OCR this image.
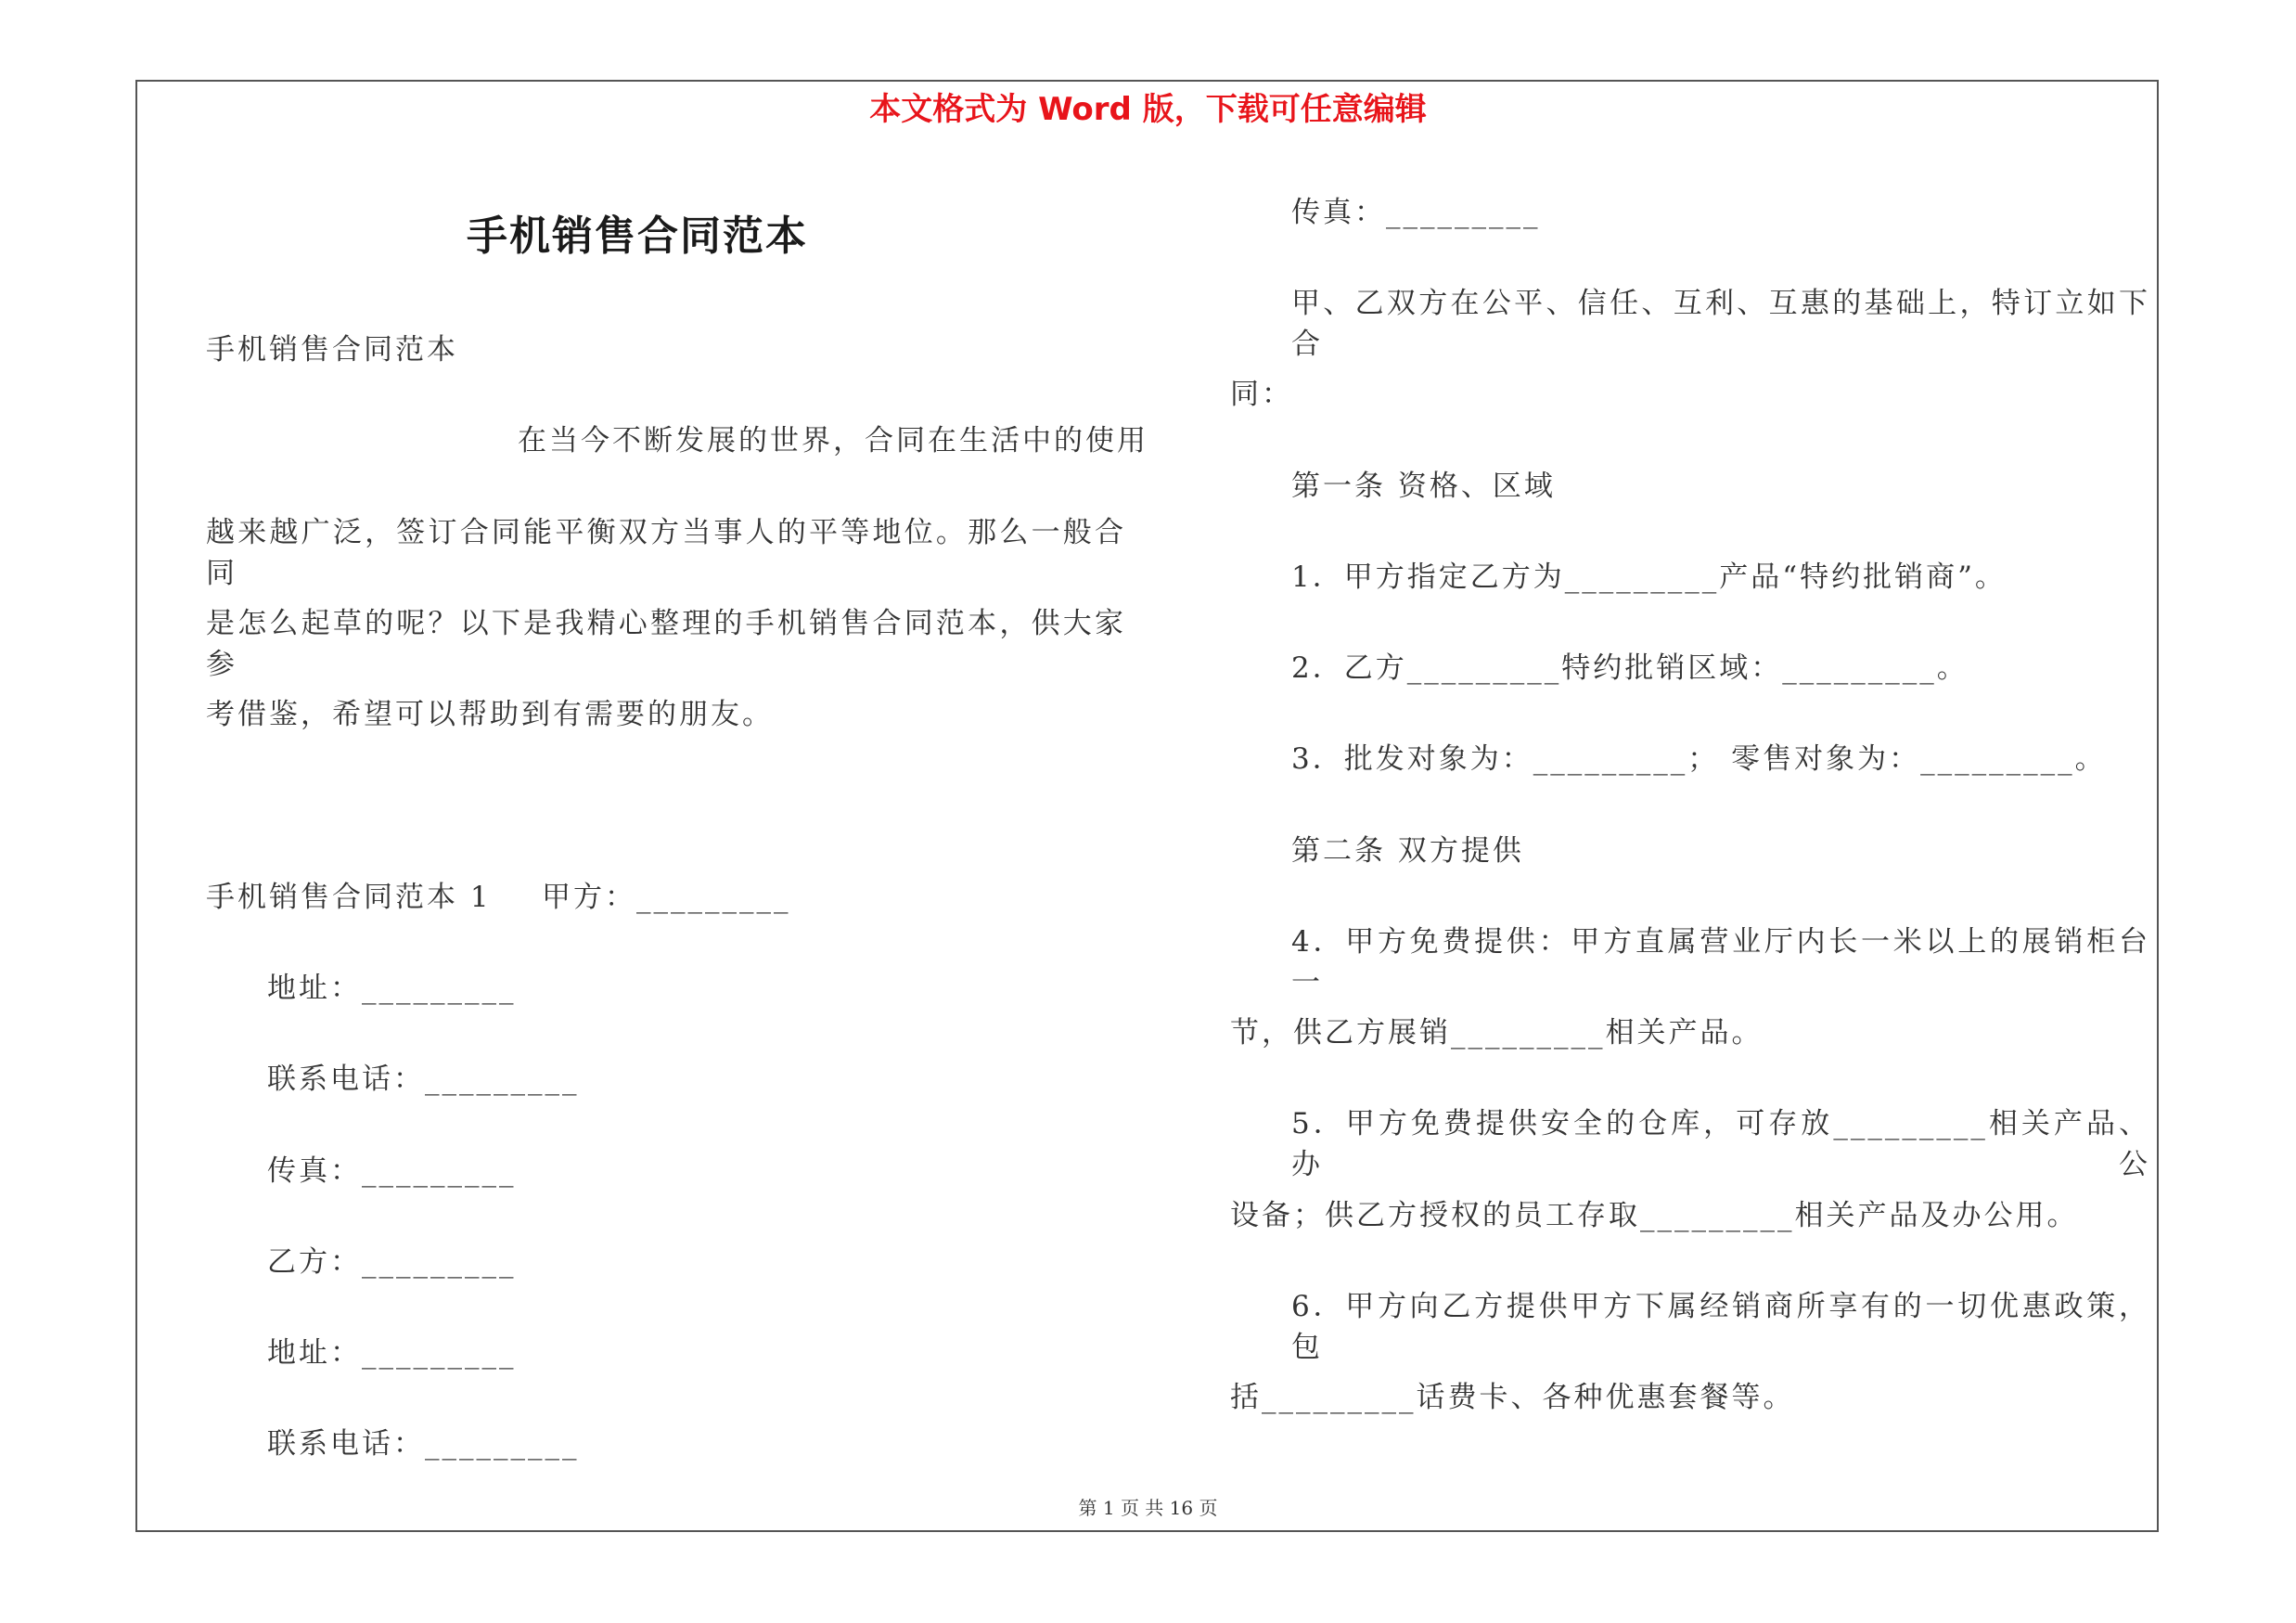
本文格式为 Word 版，下载可任意编辑
手机销售合同范本
手机销售合同范本
在当今不断发展的世界，合同在生活中的使用
越来越广泛，签订合同能平衡双方当事人的平等地位。那么一般合同
是怎么起草的呢？以下是我精心整理的手机销售合同范本，供大家参
考借鉴，希望可以帮助到有需要的朋友。
手机销售合同范本 1 甲方：_________
地址：_________
联系电话：_________
传真：_________
乙方：_________
地址：_________
联系电话：_________
传真：_________
甲、乙双方在公平、信任、互利、互惠的基础上，特订立如下合
同：
第一条 资格、区域
1．甲方指定乙方为_________产品“特约批销商”。
2．乙方_________特约批销区域：_________。
3．批发对象为：_________； 零售对象为：_________。
第二条 双方提供
4．甲方免费提供：甲方直属营业厅内长一米以上的展销柜台一
节，供乙方展销_________相关产品。
5．甲方免费提供安全的仓库，可存放_________相关产品、办公
设备；供乙方授权的员工存取_________相关产品及办公用。
6．甲方向乙方提供甲方下属经销商所享有的一切优惠政策，包
括_________话费卡、各种优惠套餐等。
第 1 页 共 16 页
